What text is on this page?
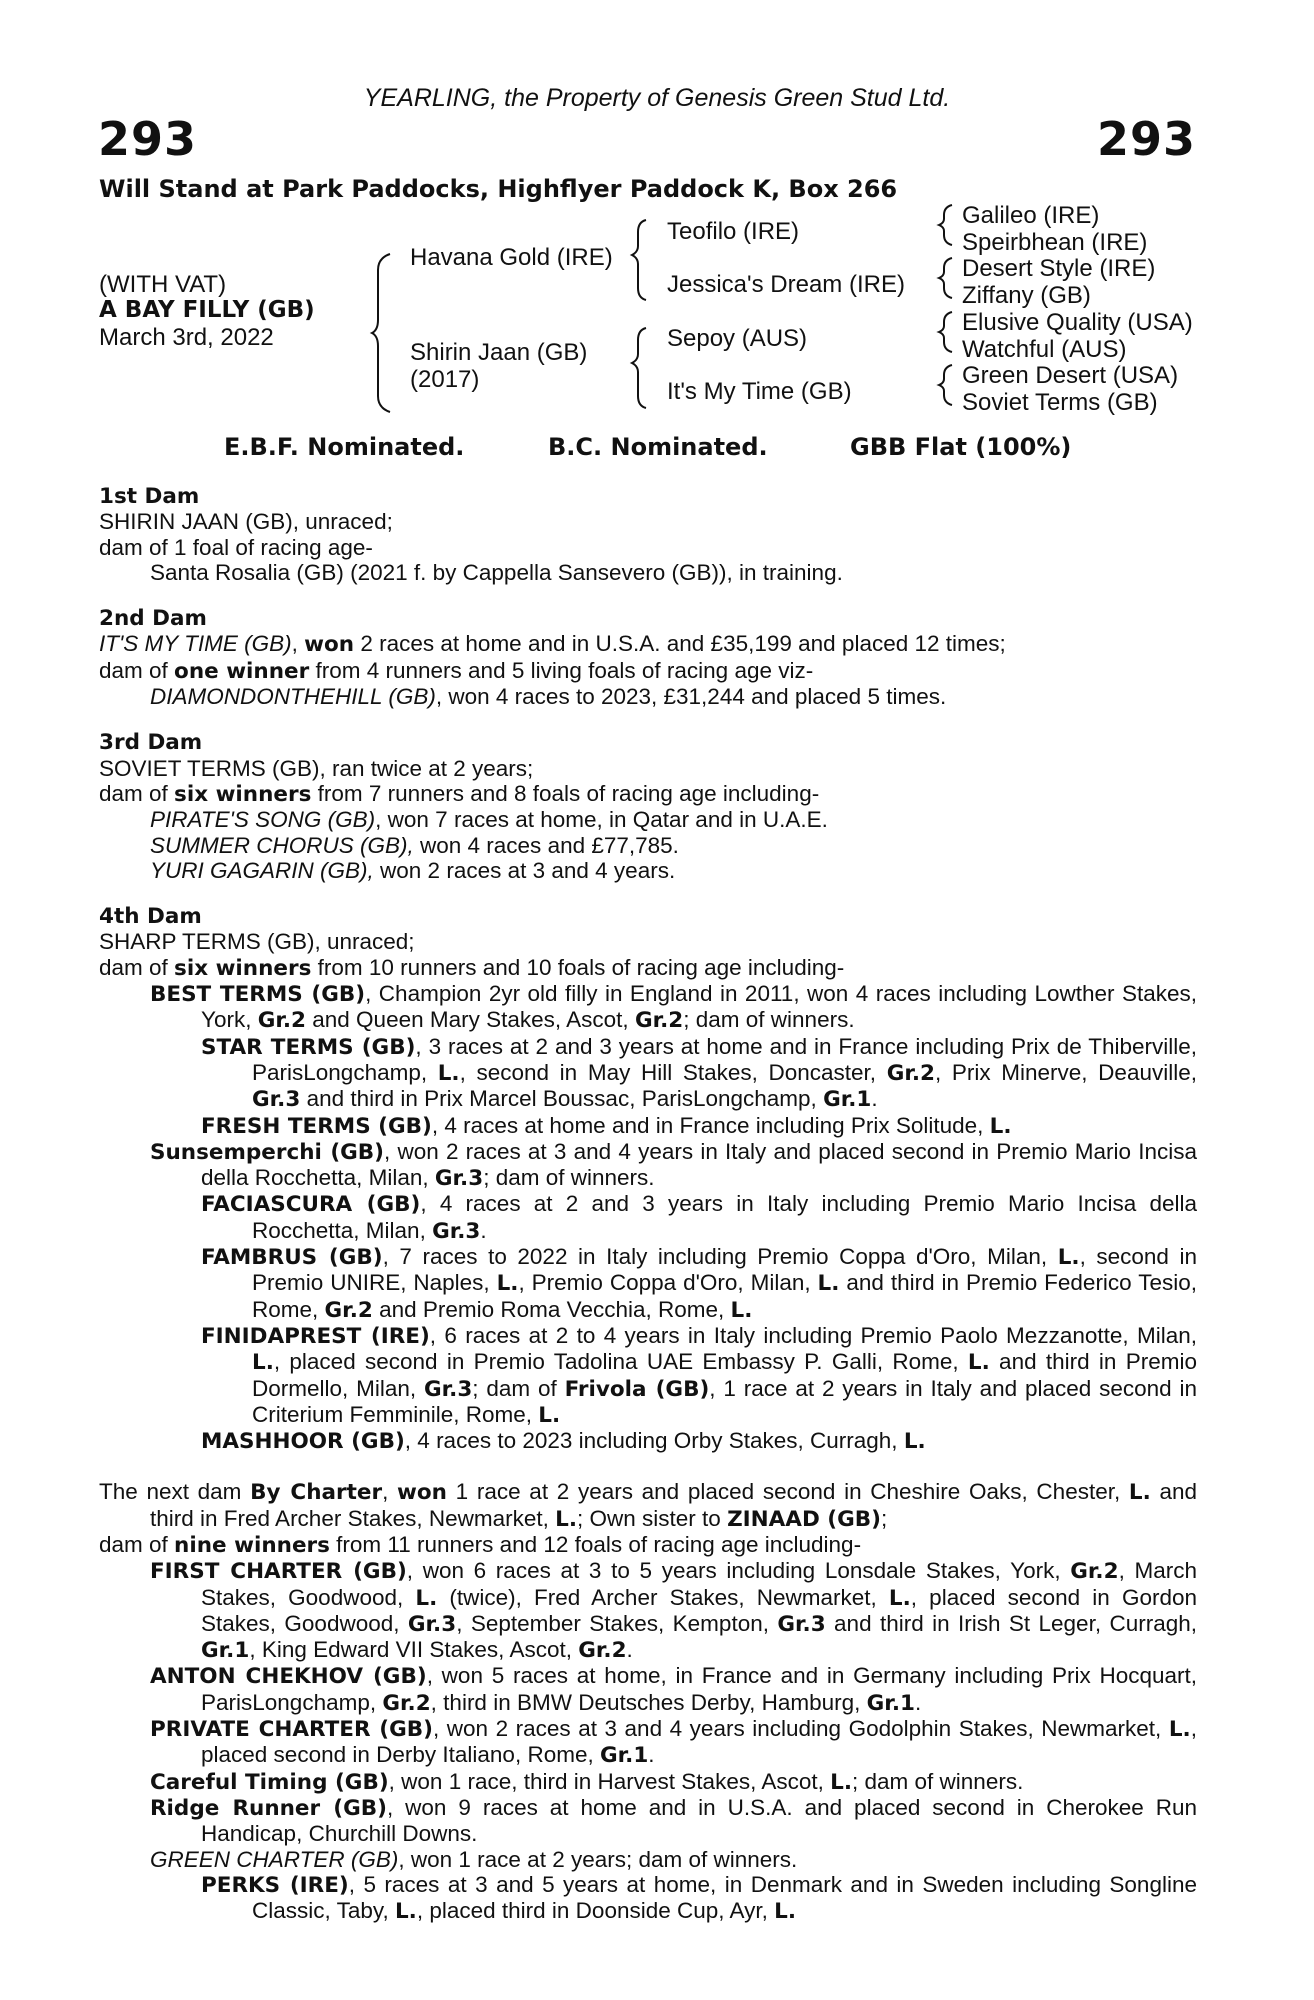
YEARLING, the Property of Genesis Green Stud Ltd.
293	293
Will Stand at Park Paddocks, Highflyer Paddock K, Box 266
(WITH VAT)
A BAY FILLY (GB)
March 3rd, 2022
Havana Gold (IRE)
Shirin Jaan (GB)
(2017)
Teofilo (IRE)
Jessica's Dream (IRE)
Sepoy (AUS)
It's My Time (GB)
Galileo (IRE)
Speirbhean (IRE)
Desert Style (IRE)
Ziffany (GB)
Elusive Quality (USA)
Watchful (AUS)
Green Desert (USA)
Soviet Terms (GB)
E.B.F. Nominated.	B.C. Nominated.	GBB Flat (100%)
1st Dam

SHIRIN JAAN (GB), unraced;

dam of 1 foal of racing age-

Santa Rosalia (GB) (2021 f. by Cappella Sansevero (GB)), in training.

2nd Dam

IT'S MY TIME (GB), won 2 races at home and in U.S.A. and £35,199 and placed 12 times;

dam of one winner from 4 runners and 5 living foals of racing age viz-

DIAMONDONTHEHILL (GB), won 4 races to 2023, £31,244 and placed 5 times.

3rd Dam

SOVIET TERMS (GB), ran twice at 2 years;

dam of six winners from 7 runners and 8 foals of racing age including-

PIRATE'S SONG (GB), won 7 races at home, in Qatar and in U.A.E.

SUMMER CHORUS (GB), won 4 races and £77,785.

YURI GAGARIN (GB), won 2 races at 3 and 4 years.

4th Dam

SHARP TERMS (GB), unraced;

dam of six winners from 10 runners and 10 foals of racing age including-

BEST TERMS (GB), Champion 2yr old filly in England in 2011, won 4 races including Lowther Stakes, York, Gr.2 and Queen Mary Stakes, Ascot, Gr.2; dam of winners.

STAR TERMS (GB), 3 races at 2 and 3 years at home and in France including Prix de Thiberville, ParisLongchamp, L., second in May Hill Stakes, Doncaster, Gr.2, Prix Minerve, Deauville, Gr.3 and third in Prix Marcel Boussac, ParisLongchamp, Gr.1.

FRESH TERMS (GB), 4 races at home and in France including Prix Solitude, L.

Sunsemperchi (GB), won 2 races at 3 and 4 years in Italy and placed second in Premio Mario Incisa della Rocchetta, Milan, Gr.3; dam of winners.

FACIASCURA (GB), 4 races at 2 and 3 years in Italy including Premio Mario Incisa della Rocchetta, Milan, Gr.3.

FAMBRUS (GB), 7 races to 2022 in Italy including Premio Coppa d'Oro, Milan, L., second in Premio UNIRE, Naples, L., Premio Coppa d'Oro, Milan, L. and third in Premio Federico Tesio, Rome, Gr.2 and Premio Roma Vecchia, Rome, L.

FINIDAPREST (IRE), 6 races at 2 to 4 years in Italy including Premio Paolo Mezzanotte, Milan, L., placed second in Premio Tadolina UAE Embassy P. Galli, Rome, L. and third in Premio Dormello, Milan, Gr.3; dam of Frivola (GB), 1 race at 2 years in Italy and placed second in Criterium Femminile, Rome, L.

MASHHOOR (GB), 4 races to 2023 including Orby Stakes, Curragh, L.

The next dam By Charter, won 1 race at 2 years and placed second in Cheshire Oaks, Chester, L. and third in Fred Archer Stakes, Newmarket, L.; Own sister to ZINAAD (GB);

dam of nine winners from 11 runners and 12 foals of racing age including-

FIRST CHARTER (GB), won 6 races at 3 to 5 years including Lonsdale Stakes, York, Gr.2, March Stakes, Goodwood, L. (twice), Fred Archer Stakes, Newmarket, L., placed second in Gordon Stakes, Goodwood, Gr.3, September Stakes, Kempton, Gr.3 and third in Irish St Leger, Curragh, Gr.1, King Edward VII Stakes, Ascot, Gr.2.

ANTON CHEKHOV (GB), won 5 races at home, in France and in Germany including Prix Hocquart, ParisLongchamp, Gr.2, third in BMW Deutsches Derby, Hamburg, Gr.1.

PRIVATE CHARTER (GB), won 2 races at 3 and 4 years including Godolphin Stakes, Newmarket, L., placed second in Derby Italiano, Rome, Gr.1.

Careful Timing (GB), won 1 race, third in Harvest Stakes, Ascot, L.; dam of winners.

Ridge Runner (GB), won 9 races at home and in U.S.A. and placed second in Cherokee Run Handicap, Churchill Downs.

GREEN CHARTER (GB), won 1 race at 2 years; dam of winners.

PERKS (IRE), 5 races at 3 and 5 years at home, in Denmark and in Sweden including Songline Classic, Taby, L., placed third in Doonside Cup, Ayr, L.
